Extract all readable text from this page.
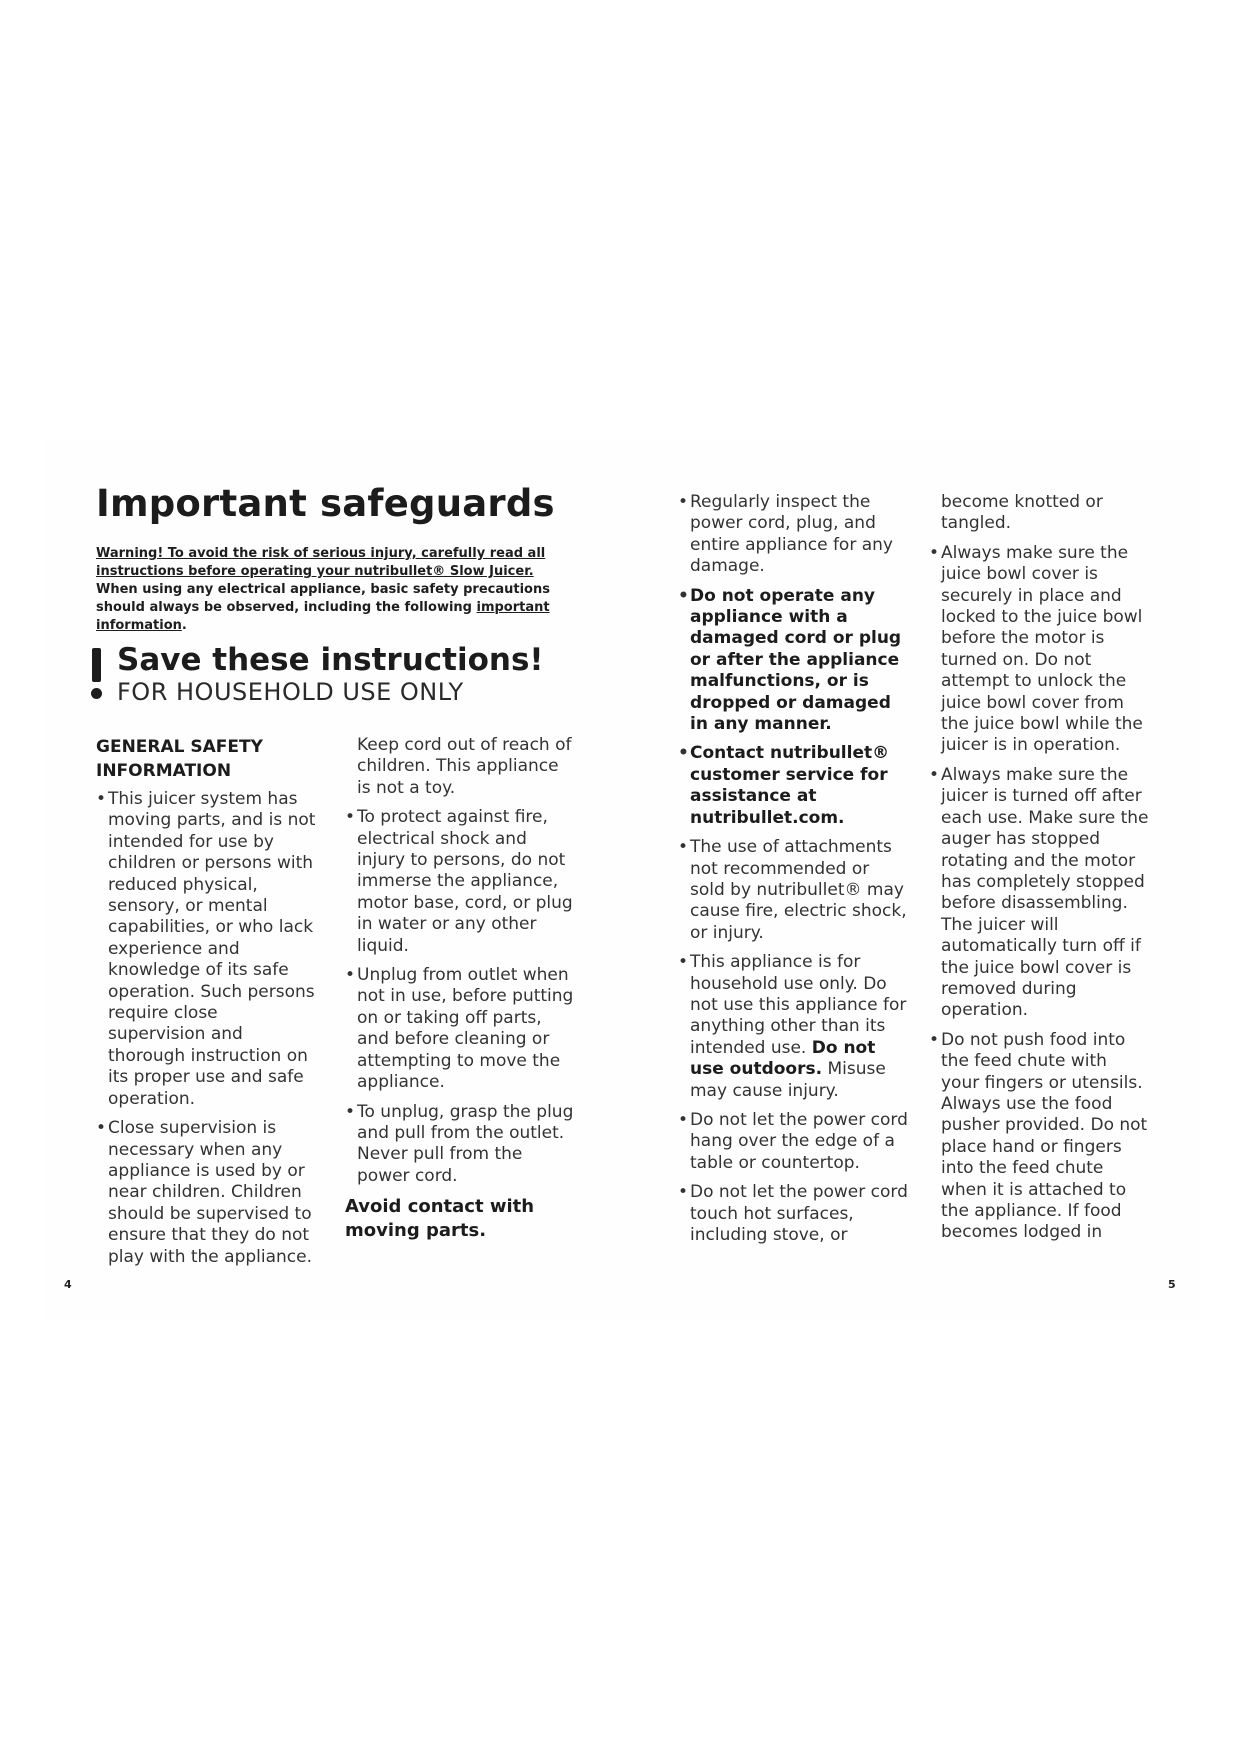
Important safeguards

Warning! To avoid the risk of serious injury, carefully read all instructions before operating your nutribullet® Slow Juicer. When using any electrical appliance, basic safety precautions should always be observed, including the following important information.

Save these instructions!
FOR HOUSEHOLD USE ONLY
GENERAL SAFETY INFORMATION
• This juicer system has moving parts, and is not intended for use by children or persons with reduced physical, sensory, or mental capabilities, or who lack experience and knowledge of its safe operation. Such persons require close supervision and thorough instruction on its proper use and safe operation.
• Close supervision is necessary when any appliance is used by or near children. Children should be supervised to ensure that they do not play with the appliance.
Keep cord out of reach of children. This appliance is not a toy.
• To protect against fire, electrical shock and injury to persons, do not immerse the appliance, motor base, cord, or plug in water or any other liquid.
• Unplug from outlet when not in use, before putting on or taking off parts, and before cleaning or attempting to move the appliance.
• To unplug, grasp the plug and pull from the outlet. Never pull from the power cord.
Avoid contact with moving parts.
• Regularly inspect the power cord, plug, and entire appliance for any damage.
• Do not operate any appliance with a damaged cord or plug or after the appliance malfunctions, or is dropped or damaged in any manner.
• Contact nutribullet® customer service for assistance at nutribullet.com.
• The use of attachments not recommended or sold by nutribullet® may cause fire, electric shock, or injury.
• This appliance is for household use only. Do not use this appliance for anything other than its intended use. Do not use outdoors. Misuse may cause injury.
• Do not let the power cord hang over the edge of a table or countertop.
• Do not let the power cord touch hot surfaces, including stove, or
become knotted or tangled.
• Always make sure the juice bowl cover is securely in place and locked to the juice bowl before the motor is turned on. Do not attempt to unlock the juice bowl cover from the juice bowl while the juicer is in operation.
• Always make sure the juicer is turned off after each use. Make sure the auger has stopped rotating and the motor has completely stopped before disassembling. The juicer will automatically turn off if the juice bowl cover is removed during operation.
• Do not push food into the feed chute with your fingers or utensils. Always use the food pusher provided. Do not place hand or fingers into the feed chute when it is attached to the appliance. If food becomes lodged in
4	5
